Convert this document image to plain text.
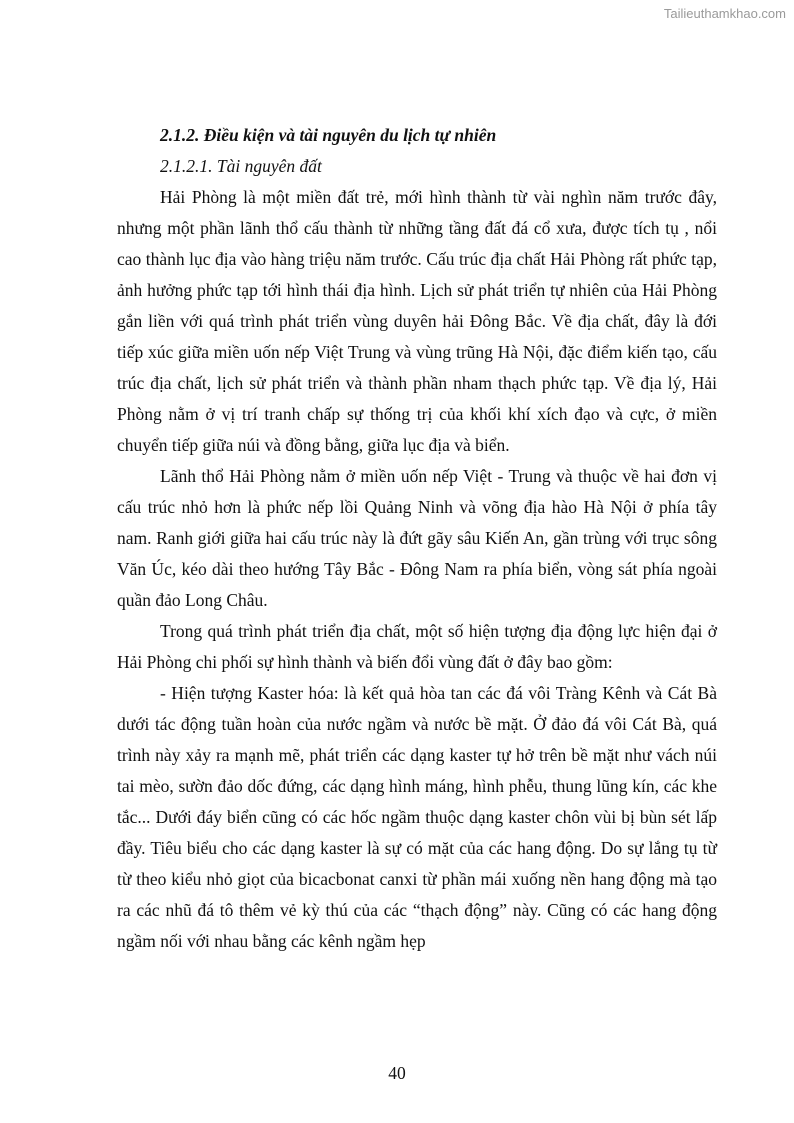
Tailieuthamkhao.com
2.1.2. Điều kiện và tài nguyên du lịch tự nhiên
2.1.2.1. Tài nguyên đất

Hải Phòng là một miền đất trẻ, mới hình thành từ vài nghìn năm trước đây, nhưng một phần lãnh thổ cấu thành từ những tầng đất đá cổ xưa, được tích tụ , nổi cao thành lục địa vào hàng triệu năm trước. Cấu trúc địa chất Hải Phòng rất phức tạp, ảnh hưởng phức tạp tới hình thái địa hình. Lịch sử phát triển tự nhiên của Hải Phòng gắn liền với quá trình phát triển vùng duyên hải Đông Bắc. Về địa chất, đây là đới tiếp xúc giữa miền uốn nếp Việt Trung và vùng trũng Hà Nội, đặc điểm kiến tạo, cấu trúc địa chất, lịch sử phát triển và thành phần nham thạch phức tạp. Về địa lý, Hải Phòng nằm ở vị trí tranh chấp sự thống trị của khối khí xích đạo và cực, ở miền chuyển tiếp giữa núi và đồng bằng, giữa lục địa và biển.

Lãnh thổ Hải Phòng nằm ở miền uốn nếp Việt - Trung và thuộc về hai đơn vị cấu trúc nhỏ hơn là phức nếp lồi Quảng Ninh và võng địa hào Hà Nội ở phía tây nam. Ranh giới giữa hai cấu trúc này là đứt gãy sâu Kiến An, gần trùng với trục sông Văn Úc, kéo dài theo hướng Tây Bắc - Đông Nam ra phía biển, vòng sát phía ngoài quần đảo Long Châu.

Trong quá trình phát triển địa chất, một số hiện tượng địa động lực hiện đại ở Hải Phòng chi phối sự hình thành và biến đổi vùng đất ở đây bao gồm:

- Hiện tượng Kaster hóa: là kết quả hòa tan các đá vôi Tràng Kênh và Cát Bà dưới tác động tuần hoàn của nước ngầm và nước bề mặt. Ở đảo đá vôi Cát Bà, quá trình này xảy ra mạnh mẽ, phát triển các dạng kaster tự hở trên bề mặt như vách núi tai mèo, sườn đảo dốc đứng, các dạng hình máng, hình phễu, thung lũng kín, các khe tắc... Dưới đáy biển cũng có các hốc ngầm thuộc dạng kaster chôn vùi bị bùn sét lấp đầy. Tiêu biểu cho các dạng kaster là sự có mặt của các hang động. Do sự lắng tụ từ từ theo kiểu nhỏ giọt của bicacbonat canxi từ phần mái xuống nền hang động mà tạo ra các nhũ đá tô thêm vẻ kỳ thú của các “thạch động” này. Cũng có các hang động ngầm nối với nhau bằng các kênh ngầm hẹp

40
